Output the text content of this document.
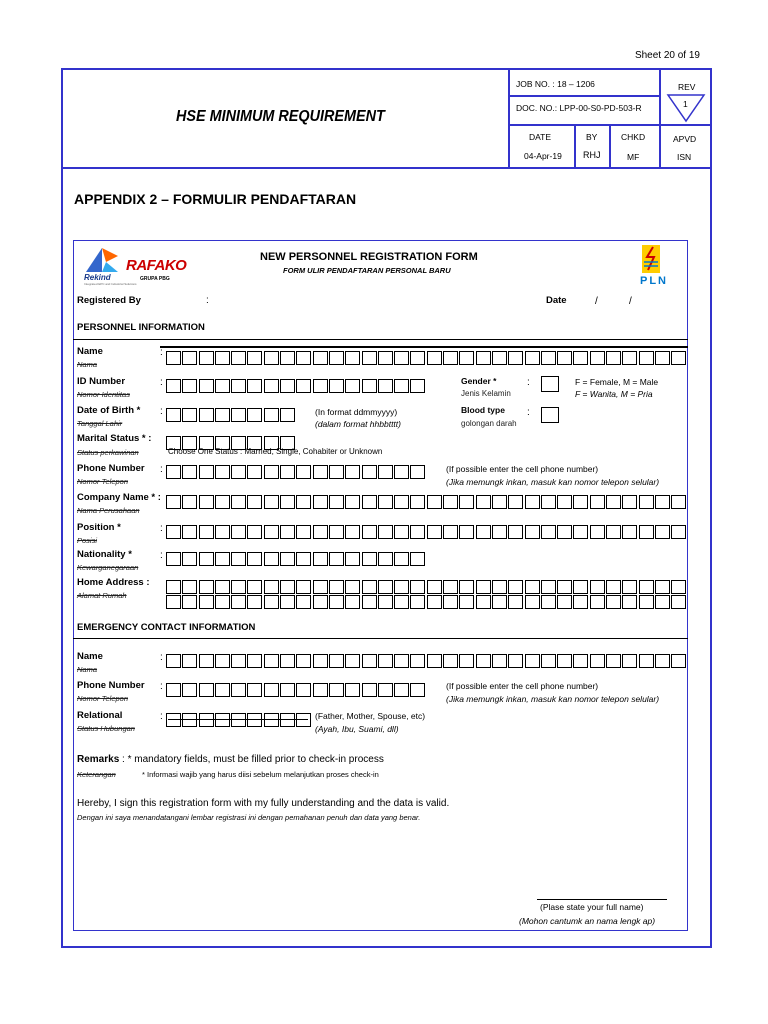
Sheet 20 of 19
HSE MINIMUM REQUIREMENT
JOB NO. : 18 – 1206
DOC. NO.: LPP-00-S0-PD-503-R
REV
1
DATE
04-Apr-19
BY
RHJ
CHKD
MF
APVD
ISN
APPENDIX 2 – FORMULIR PENDAFTARAN
Rekind
Integrated EPC and Industrial Solutions
RAFAKO
GRUPA PBG	PLN
NEW PERSONNEL REGISTRATION FORM
FORM ULIR PENDAFTARAN PERSONAL BARU
Registered By	:	Date	/	/
PERSONNEL INFORMATION
Name
Nama
:
ID Number
Nomor Identitas
:	Gender *
Jenis Kelamin
:	F = Female, M = Male
F = Wanita, M = Pria
Date of Birth *
Tanggal Lahir
:	(In format ddmmyyyy)
(dalam format hhbbtttt)
Blood type
golongan darah
:
Marital Status * :
Status perkawinan	Choose One Status : Married, Single, Cohabiter or Unknown
Phone Number
Nomor Telepon
:	(If possible enter the cell phone number)
(Jika memungk inkan, masuk kan nomor telepon selular)
Company Name * :
Nama Perusahaan
Position *
Posisi
:
Nationality *
Kewarganegaraan
:
Home Address :
Alamat Rumah
EMERGENCY CONTACT INFORMATION
Name
Nama
:
Phone Number
Nomor Telepon
:	(If possible enter the cell phone number)
(Jika memungk inkan, masuk kan nomor telepon selular)
Relational
Status Hubungan
:	(Father, Mother, Spouse, etc)
(Ayah, Ibu, Suami, dll)
Remarks : * mandatory fields, must be filled prior to check-in process
Keterangan	* Informasi wajib yang harus diisi sebelum melanjutkan proses check-in
Hereby, I sign this registration form with my fully understanding and the data is valid.
Dengan ini saya menandatangani lembar registrasi ini dengan pemahanan penuh dan data yang benar.
(Plase state your full name)
(Mohon cantumk an nama lengk ap)
